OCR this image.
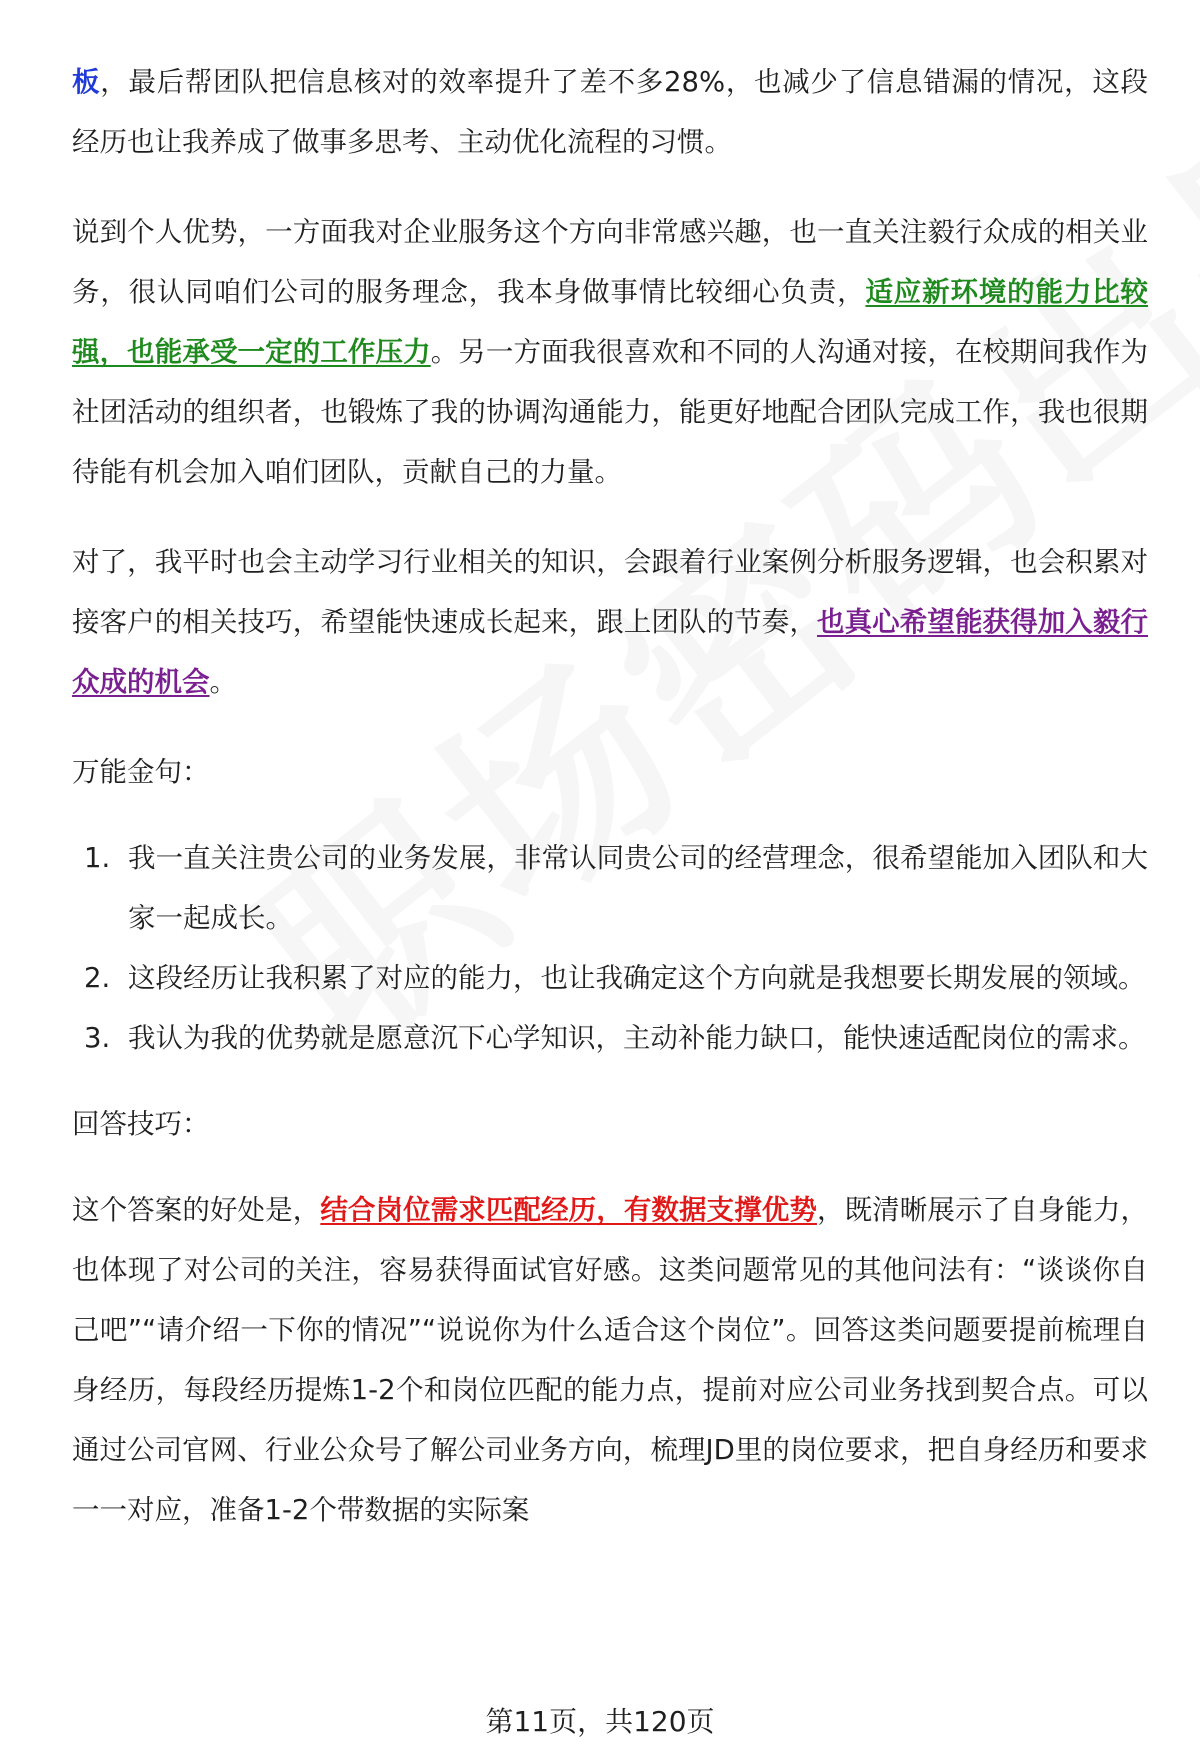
板，最后帮团队把信息核对的效率提升了差不多28%，也减少了信息错漏的情况，这段经历也让我养成了做事多思考、主动优化流程的习惯。

说到个人优势，一方面我对企业服务这个方向非常感兴趣，也一直关注毅行众成的相关业务，很认同咱们公司的服务理念，我本身做事情比较细心负责，适应新环境的能力比较强，也能承受一定的工作压力。另一方面我很喜欢和不同的人沟通对接，在校期间我作为社团活动的组织者，也锻炼了我的协调沟通能力，能更好地配合团队完成工作，我也很期待能有机会加入咱们团队，贡献自己的力量。

对了，我平时也会主动学习行业相关的知识，会跟着行业案例分析服务逻辑，也会积累对接客户的相关技巧，希望能快速成长起来，跟上团队的节奏，也真心希望能获得加入毅行众成的机会。

万能金句：

1. 我一直关注贵公司的业务发展，非常认同贵公司的经营理念，很希望能加入团队和大家一起成长。
2. 这段经历让我积累了对应的能力，也让我确定这个方向就是我想要长期发展的领域。
3. 我认为我的优势就是愿意沉下心学知识，主动补能力缺口，能快速适配岗位的需求。

回答技巧：

这个答案的好处是，结合岗位需求匹配经历，有数据支撑优势，既清晰展示了自身能力，也体现了对公司的关注，容易获得面试官好感。这类问题常见的其他问法有：“谈谈你自己吧”“请介绍一下你的情况”“说说你为什么适合这个岗位”。回答这类问题要提前梳理自身经历，每段经历提炼1-2个和岗位匹配的能力点，提前对应公司业务找到契合点。可以通过公司官网、行业公众号了解公司业务方向，梳理JD里的岗位要求，把自身经历和要求一一对应，准备1-2个带数据的实际案

第11页，共120页
